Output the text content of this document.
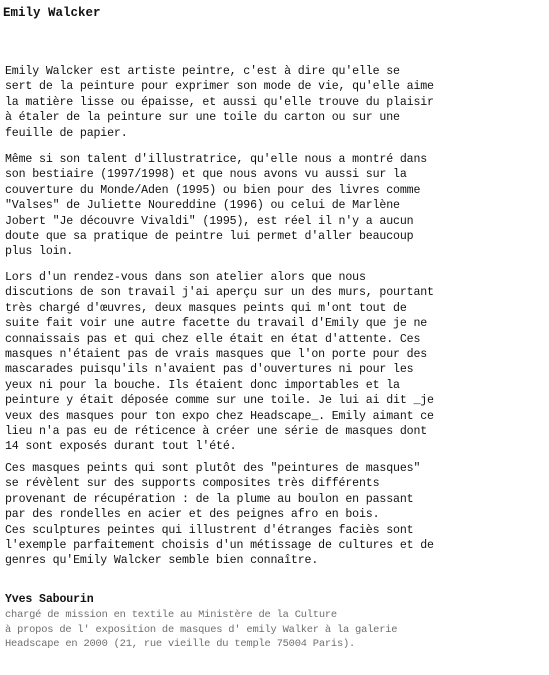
Emily Walcker
Emily Walcker est artiste peintre, c'est à dire qu'elle se
sert de la peinture pour exprimer son mode de vie, qu'elle aime
la matière lisse ou épaisse, et aussi qu'elle trouve du plaisir
à étaler de la peinture sur une toile du carton ou sur une
feuille de papier.
Même si son talent d'illustratrice, qu'elle nous a montré dans
son bestiaire (1997/1998) et que nous avons vu aussi sur la
couverture du Monde/Aden (1995) ou bien pour des livres comme
"Valses" de Juliette Noureddine (1996) ou celui de Marlène
Jobert "Je découvre Vivaldi" (1995), est réel il n'y a aucun
doute que sa pratique de peintre lui permet d'aller beaucoup
plus loin.
Lors d'un rendez-vous dans son atelier alors que nous
discutions de son travail j'ai aperçu sur un des murs, pourtant
très chargé d'œuvres, deux masques peints qui m'ont tout de
suite fait voir une autre facette du travail d'Emily que je ne
connaissais pas et qui chez elle était en état d'attente. Ces
masques n'étaient pas de vrais masques que l'on porte pour des
mascarades puisqu'ils n'avaient pas d'ouvertures ni pour les
yeux ni pour la bouche. Ils étaient donc importables et la
peinture y était déposée comme sur une toile. Je lui ai dit _je
veux des masques pour ton expo chez Headscape_. Emily aimant ce
lieu n'a pas eu de réticence à créer une série de masques dont
14 sont exposés durant tout l'été.
Ces masques peints qui sont plutôt des "peintures de masques"
se révèlent sur des supports composites très différents
provenant de récupération : de la plume au boulon en passant
par des rondelles en acier et des peignes afro en bois.
Ces sculptures peintes qui illustrent d'étranges faciès sont
l'exemple parfaitement choisis d'un métissage de cultures et de
genres qu'Emily Walcker semble bien connaître.
Yves Sabourin
chargé de mission en textile au Ministère de la Culture
à propos de l' exposition de masques d' emily Walker à la galerie
Headscape en 2000 (21, rue vieille du temple 75004 Paris).
